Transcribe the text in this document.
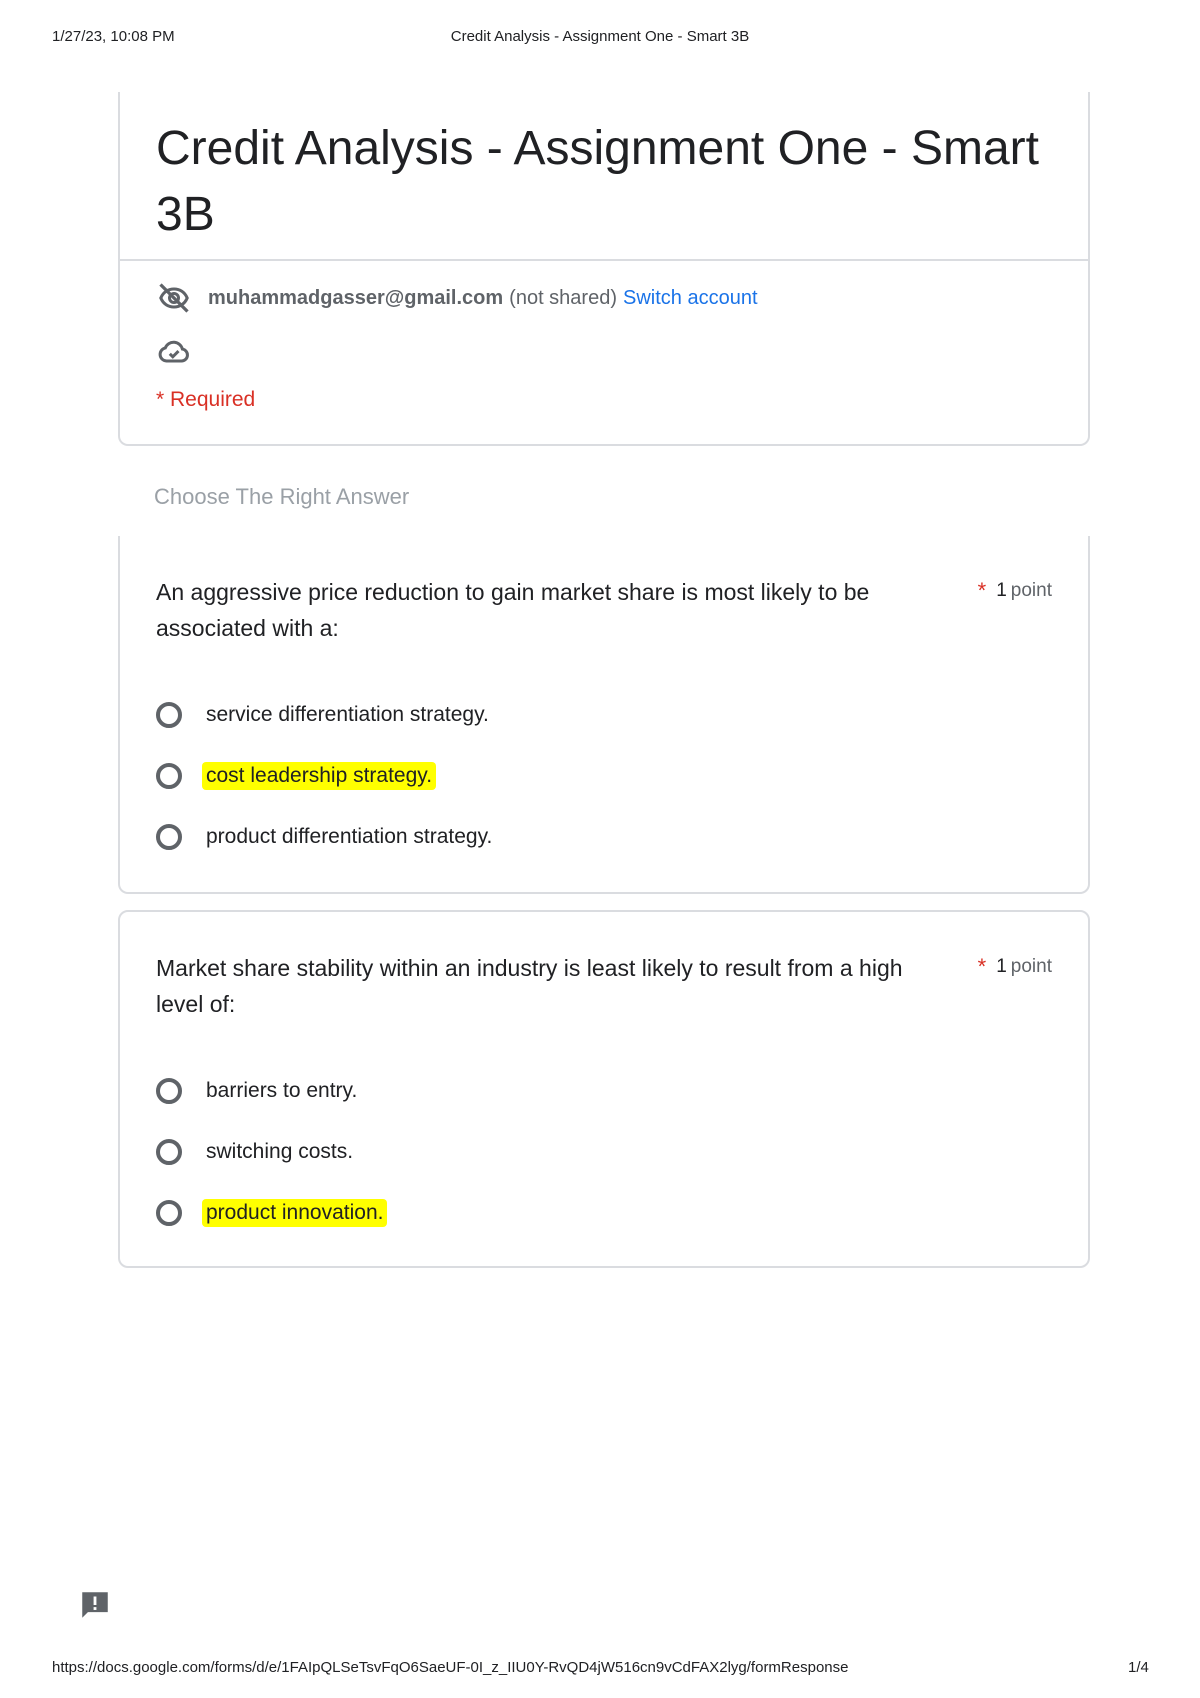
1/27/23, 10:08 PM	Credit Analysis - Assignment One - Smart 3B
Credit Analysis - Assignment One - Smart 3B
muhammadgasser@gmail.com (not shared) Switch account
* Required
Choose The Right Answer
An aggressive price reduction to gain market share is most likely to be associated with a:
* 1 point
service differentiation strategy.
cost leadership strategy.
product differentiation strategy.
Market share stability within an industry is least likely to result from a high level of:
* 1 point
barriers to entry.
switching costs.
product innovation.
https://docs.google.com/forms/d/e/1FAIpQLSeTsvFqO6SaeUF-0I_z_IIU0Y-RvQD4jW516cn9vCdFAX2lyg/formResponse	1/4
